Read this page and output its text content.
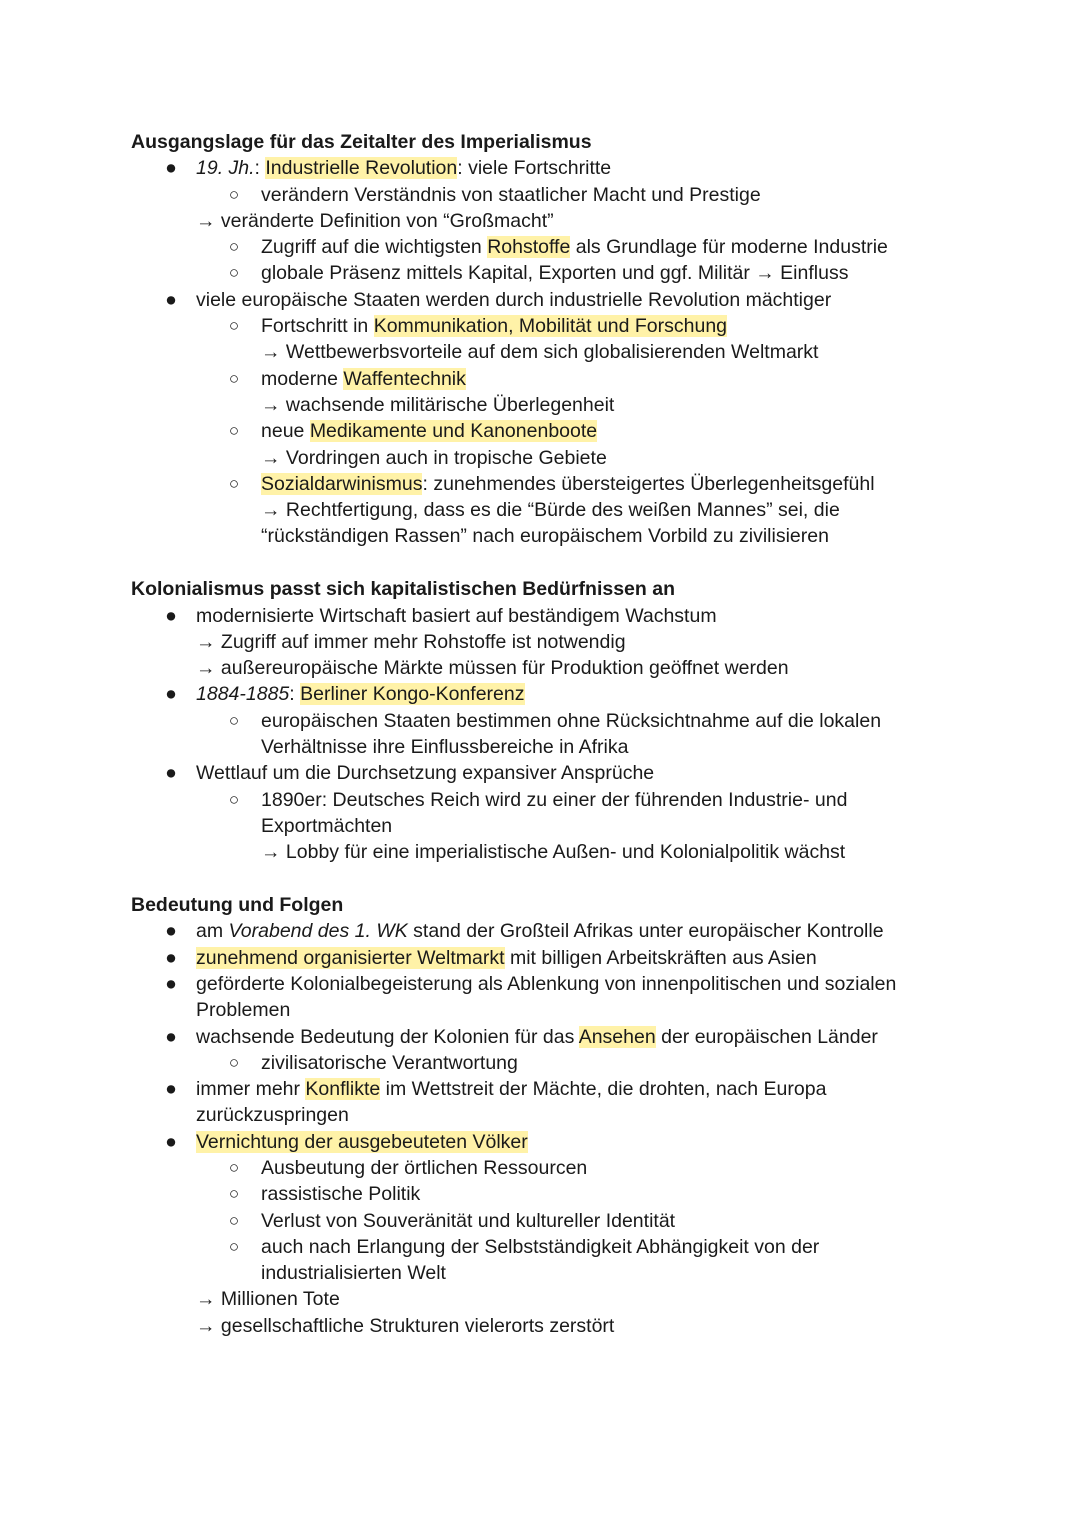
Ausgangslage für das Zeitalter des Imperialismus
● 19. Jh.: Industrielle Revolution: viele Fortschritte
○ verändern Verständnis von staatlicher Macht und Prestige
→ veränderte Definition von “Großmacht”
○ Zugriff auf die wichtigsten Rohstoffe als Grundlage für moderne Industrie
○ globale Präsenz mittels Kapital, Exporten und ggf. Militär → Einfluss
● viele europäische Staaten werden durch industrielle Revolution mächtiger
○ Fortschritt in Kommunikation, Mobilität und Forschung
→ Wettbewerbsvorteile auf dem sich globalisierenden Weltmarkt
○ moderne Waffentechnik
→ wachsende militärische Überlegenheit
○ neue Medikamente und Kanonenboote
→ Vordringen auch in tropische Gebiete
○ Sozialdarwinismus: zunehmendes übersteigertes Überlegenheitsgefühl
→ Rechtfertigung, dass es die “Bürde des weißen Mannes” sei, die
“rückständigen Rassen” nach europäischem Vorbild zu zivilisieren
Kolonialismus passt sich kapitalistischen Bedürfnissen an
● modernisierte Wirtschaft basiert auf beständigem Wachstum
→ Zugriff auf immer mehr Rohstoffe ist notwendig
→ außereuropäische Märkte müssen für Produktion geöffnet werden
● 1884-1885: Berliner Kongo-Konferenz
○ europäischen Staaten bestimmen ohne Rücksichtnahme auf die lokalen
Verhältnisse ihre Einflussbereiche in Afrika
● Wettlauf um die Durchsetzung expansiver Ansprüche
○ 1890er: Deutsches Reich wird zu einer der führenden Industrie- und
Exportmächten
→ Lobby für eine imperialistische Außen- und Kolonialpolitik wächst
Bedeutung und Folgen
● am Vorabend des 1. WK stand der Großteil Afrikas unter europäischer Kontrolle
● zunehmend organisierter Weltmarkt mit billigen Arbeitskräften aus Asien
● geförderte Kolonialbegeisterung als Ablenkung von innenpolitischen und sozialen
Problemen
● wachsende Bedeutung der Kolonien für das Ansehen der europäischen Länder
○ zivilisatorische Verantwortung
● immer mehr Konflikte im Wettstreit der Mächte, die drohten, nach Europa
zurückzuspringen
● Vernichtung der ausgebeuteten Völker
○ Ausbeutung der örtlichen Ressourcen
○ rassistische Politik
○ Verlust von Souveränität und kultureller Identität
○ auch nach Erlangung der Selbstständigkeit Abhängigkeit von der
industrialisierten Welt
→ Millionen Tote
→ gesellschaftliche Strukturen vielerorts zerstört
